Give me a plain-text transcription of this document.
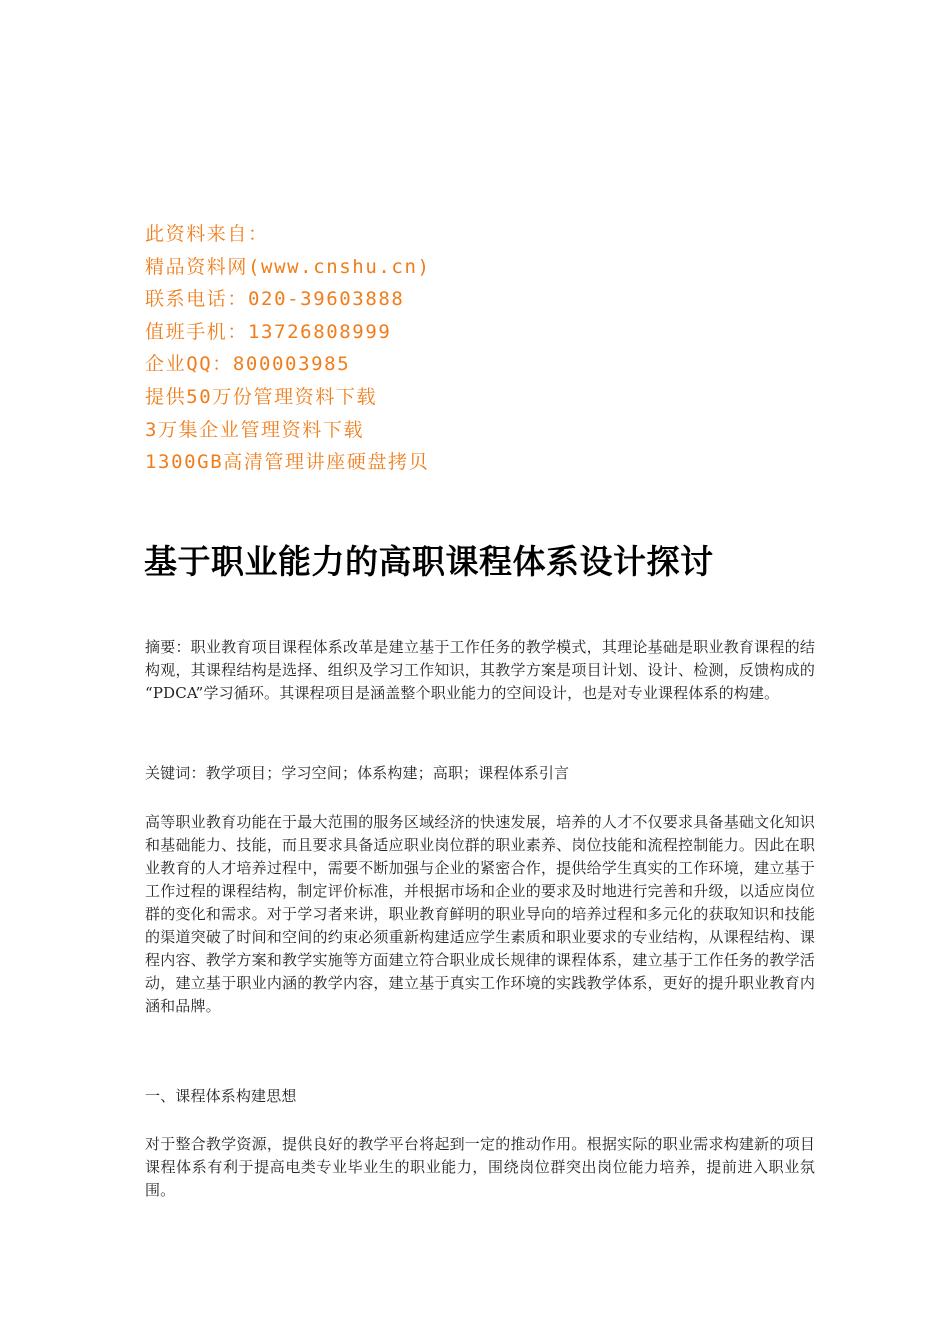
此资料来自：
精品资料网(www.cnshu.cn)
联系电话：020-39603888
值班手机：13726808999
企业QQ：800003985
提供50万份管理资料下载
3万集企业管理资料下载
1300GB高清管理讲座硬盘拷贝
基于职业能力的高职课程体系设计探讨

摘要：职业教育项目课程体系改革是建立基于工作任务的教学模式，其理论基础是职业教育课程的结构观，其课程结构是选择、组织及学习工作知识，其教学方案是项目计划、设计、检测，反馈构成的 “PDCA”学习循环。其课程项目是涵盖整个职业能力的空间设计，也是对专业课程体系的构建。

关键词：教学项目；学习空间；体系构建；高职；课程体系引言

高等职业教育功能在于最大范围的服务区域经济的快速发展，培养的人才不仅要求具备基础文化知识和基础能力、技能，而且要求具备适应职业岗位群的职业素养、岗位技能和流程控制能力。因此在职业教育的人才培养过程中，需要不断加强与企业的紧密合作，提供给学生真实的工作环境，建立基于工作过程的课程结构，制定评价标准，并根据市场和企业的要求及时地进行完善和升级，以适应岗位群的变化和需求。对于学习者来讲，职业教育鲜明的职业导向的培养过程和多元化的获取知识和技能的渠道突破了时间和空间的约束必须重新构建适应学生素质和职业要求的专业结构，从课程结构、课程内容、教学方案和教学实施等方面建立符合职业成长规律的课程体系，建立基于工作任务的教学活动，建立基于职业内涵的教学内容，建立基于真实工作环境的实践教学体系，更好的提升职业教育内涵和品牌。

一、课程体系构建思想

对于整合教学资源，提供良好的教学平台将起到一定的推动作用。根据实际的职业需求构建新的项目课程体系有利于提高电类专业毕业生的职业能力，围绕岗位群突出岗位能力培养，提前进入职业氛围。
